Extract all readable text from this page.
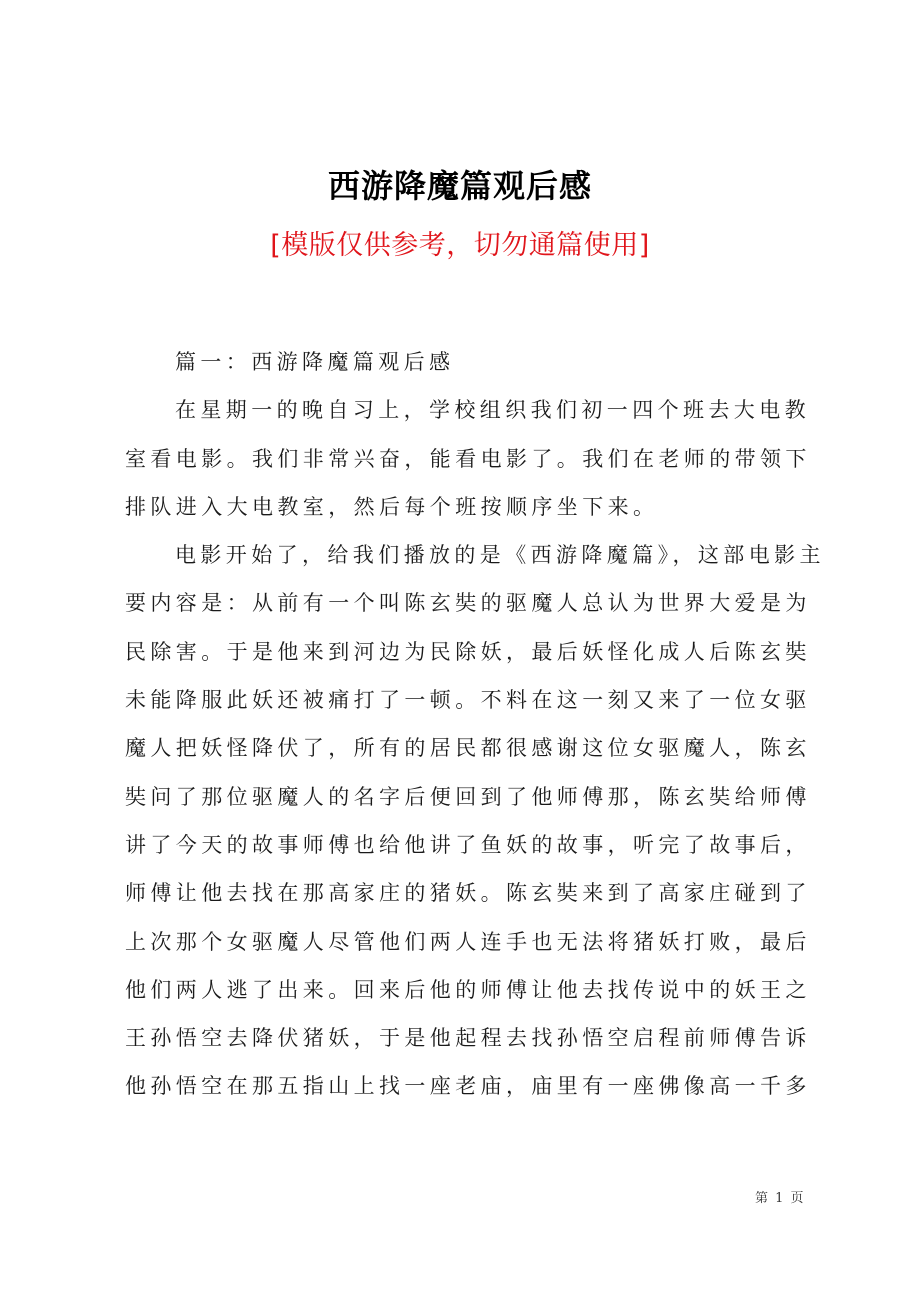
西游降魔篇观后感
[模版仅供参考，切勿通篇使用]
篇一：西游降魔篇观后感
在星期一的晚自习上，学校组织我们初一四个班去大电教
室看电影。我们非常兴奋，能看电影了。我们在老师的带领下
排队进入大电教室，然后每个班按顺序坐下来。
电影开始了，给我们播放的是《西游降魔篇》，这部电影主
要内容是：从前有一个叫陈玄奘的驱魔人总认为世界大爱是为
民除害。于是他来到河边为民除妖，最后妖怪化成人后陈玄奘
未能降服此妖还被痛打了一顿。不料在这一刻又来了一位女驱
魔人把妖怪降伏了，所有的居民都很感谢这位女驱魔人，陈玄
奘问了那位驱魔人的名字后便回到了他师傅那，陈玄奘给师傅
讲了今天的故事师傅也给他讲了鱼妖的故事，听完了故事后，
师傅让他去找在那高家庄的猪妖。陈玄奘来到了高家庄碰到了
上次那个女驱魔人尽管他们两人连手也无法将猪妖打败，最后
他们两人逃了出来。回来后他的师傅让他去找传说中的妖王之
王孙悟空去降伏猪妖，于是他起程去找孙悟空启程前师傅告诉
他孙悟空在那五指山上找一座老庙，庙里有一座佛像高一千多
第 1 页
